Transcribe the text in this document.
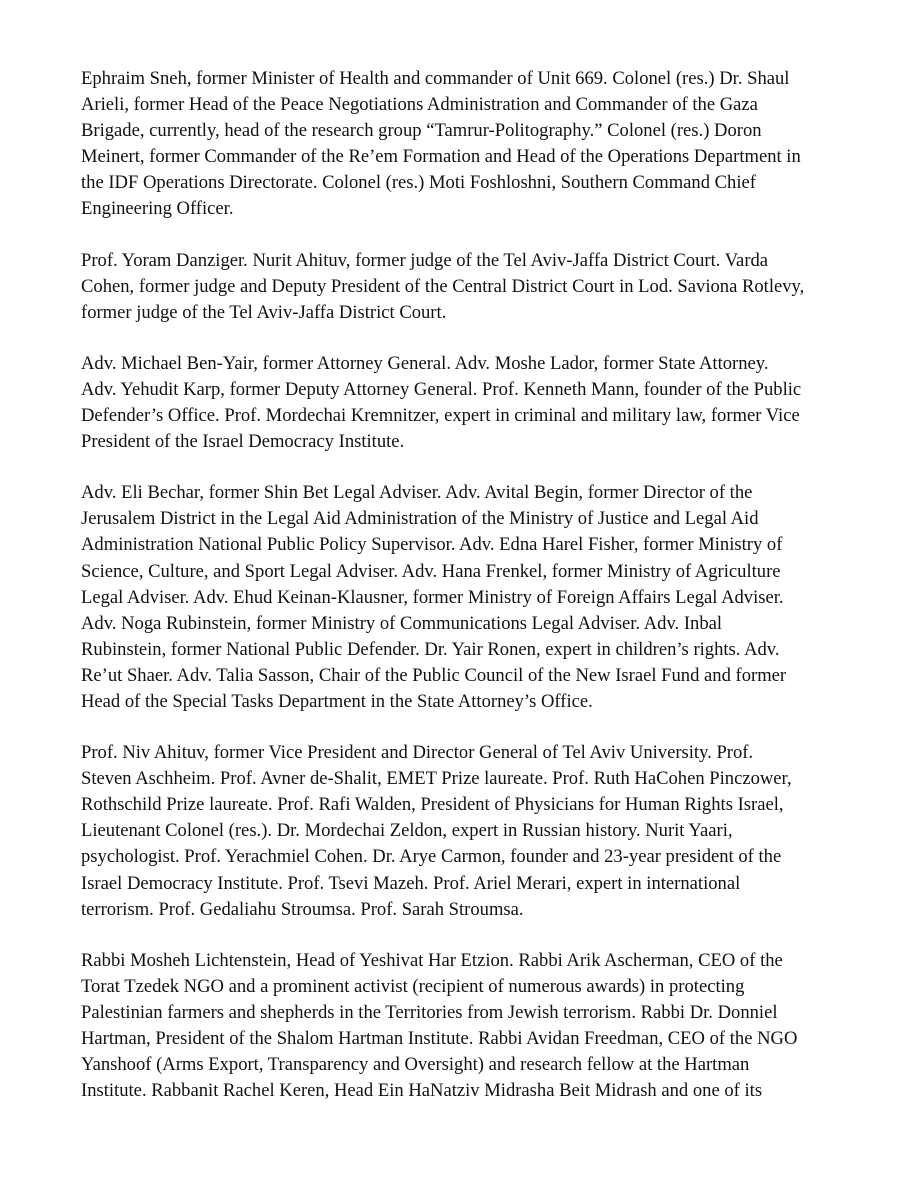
Ephraim Sneh, former Minister of Health and commander of Unit 669. Colonel (res.) Dr. Shaul
Arieli, former Head of the Peace Negotiations Administration and Commander of the Gaza
Brigade, currently, head of the research group “Tamrur-Politography.” Colonel (res.) Doron
Meinert, former Commander of the Re’em Formation and Head of the Operations Department in
the IDF Operations Directorate. Colonel (res.) Moti Foshloshni, Southern Command Chief
Engineering Officer.

Prof. Yoram Danziger. Nurit Ahituv, former judge of the Tel Aviv-Jaffa District Court. Varda
Cohen, former judge and Deputy President of the Central District Court in Lod. Saviona Rotlevy,
former judge of the Tel Aviv-Jaffa District Court.

Adv. Michael Ben-Yair, former Attorney General. Adv. Moshe Lador, former State Attorney.
Adv. Yehudit Karp, former Deputy Attorney General. Prof. Kenneth Mann, founder of the Public
Defender’s Office. Prof. Mordechai Kremnitzer, expert in criminal and military law, former Vice
President of the Israel Democracy Institute.

Adv. Eli Bechar, former Shin Bet Legal Adviser. Adv. Avital Begin, former Director of the
Jerusalem District in the Legal Aid Administration of the Ministry of Justice and Legal Aid
Administration National Public Policy Supervisor. Adv. Edna Harel Fisher, former Ministry of
Science, Culture, and Sport Legal Adviser. Adv. Hana Frenkel, former Ministry of Agriculture
Legal Adviser. Adv. Ehud Keinan-Klausner, former Ministry of Foreign Affairs Legal Adviser.
Adv. Noga Rubinstein, former Ministry of Communications Legal Adviser. Adv. Inbal
Rubinstein, former National Public Defender. Dr. Yair Ronen, expert in children’s rights. Adv.
Re’ut Shaer. Adv. Talia Sasson, Chair of the Public Council of the New Israel Fund and former
Head of the Special Tasks Department in the State Attorney’s Office.

Prof. Niv Ahituv, former Vice President and Director General of Tel Aviv University. Prof.
Steven Aschheim. Prof. Avner de-Shalit, EMET Prize laureate. Prof. Ruth HaCohen Pinczower,
Rothschild Prize laureate. Prof. Rafi Walden, President of Physicians for Human Rights Israel,
Lieutenant Colonel (res.). Dr. Mordechai Zeldon, expert in Russian history. Nurit Yaari,
psychologist. Prof. Yerachmiel Cohen. Dr. Arye Carmon, founder and 23-year president of the
Israel Democracy Institute. Prof. Tsevi Mazeh. Prof. Ariel Merari, expert in international
terrorism. Prof. Gedaliahu Stroumsa. Prof. Sarah Stroumsa.

Rabbi Mosheh Lichtenstein, Head of Yeshivat Har Etzion. Rabbi Arik Ascherman, CEO of the
Torat Tzedek NGO and a prominent activist (recipient of numerous awards) in protecting
Palestinian farmers and shepherds in the Territories from Jewish terrorism. Rabbi Dr. Donniel
Hartman, President of the Shalom Hartman Institute. Rabbi Avidan Freedman, CEO of the NGO
Yanshoof (Arms Export, Transparency and Oversight) and research fellow at the Hartman
Institute. Rabbanit Rachel Keren, Head Ein HaNatziv Midrasha Beit Midrash and one of its
